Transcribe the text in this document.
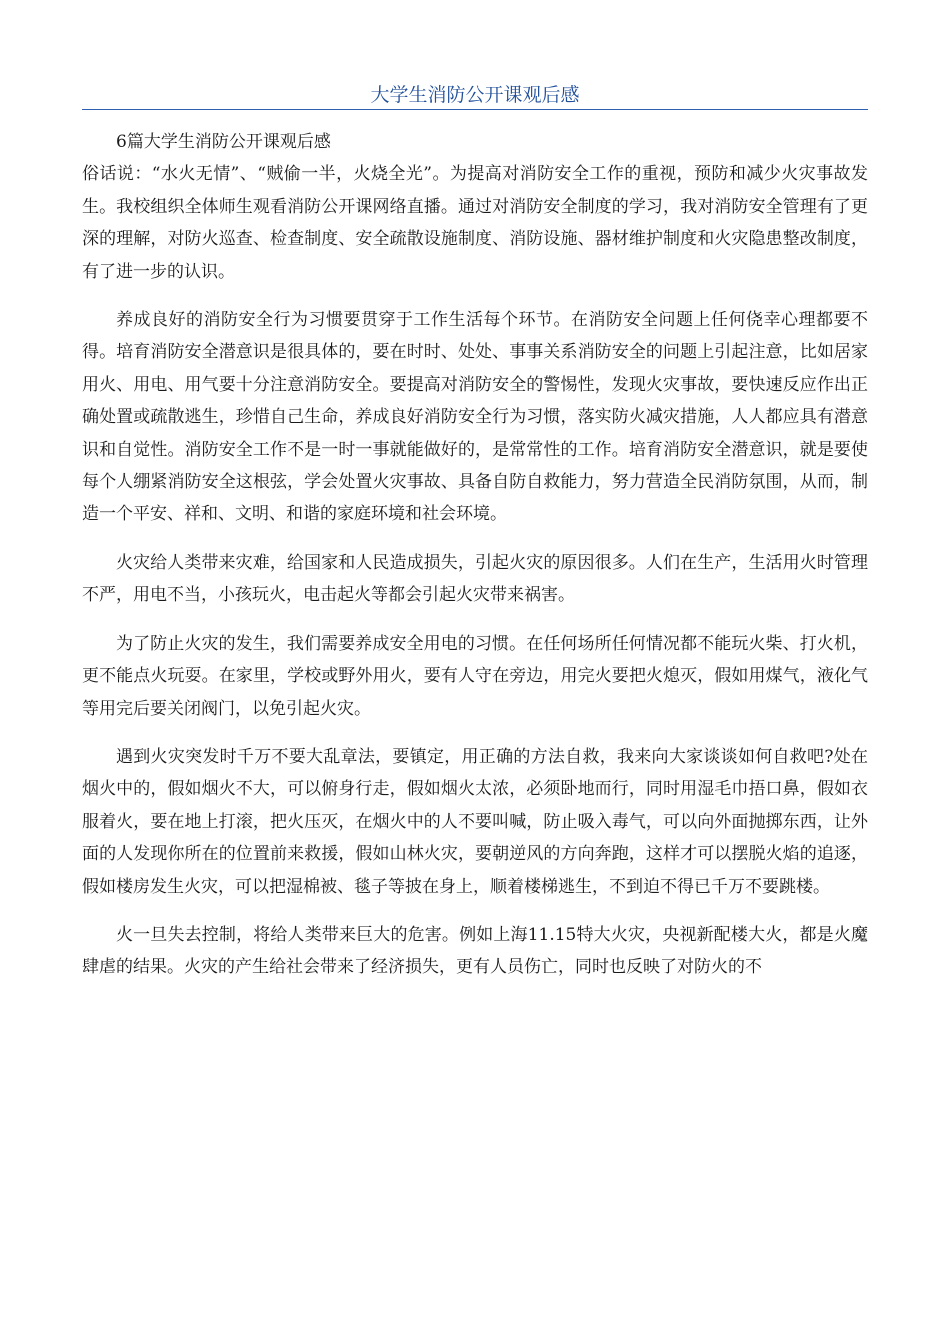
大学生消防公开课观后感

6篇大学生消防公开课观后感

俗话说：“水火无情”、“贼偷一半，火烧全光”。为提高对消防安全工作的重视，预防和减少火灾事故发生。我校组织全体师生观看消防公开课网络直播。通过对消防安全制度的学习，我对消防安全管理有了更深的理解，对防火巡查、检查制度、安全疏散设施制度、消防设施、器材维护制度和火灾隐患整改制度，有了进一步的认识。

养成良好的消防安全行为习惯要贯穿于工作生活每个环节。在消防安全问题上任何侥幸心理都要不得。培育消防安全潜意识是很具体的，要在时时、处处、事事关系消防安全的问题上引起注意，比如居家用火、用电、用气要十分注意消防安全。要提高对消防安全的警惕性，发现火灾事故，要快速反应作出正确处置或疏散逃生，珍惜自己生命，养成良好消防安全行为习惯，落实防火减灾措施，人人都应具有潜意识和自觉性。消防安全工作不是一时一事就能做好的，是常常性的工作。培育消防安全潜意识，就是要使每个人绷紧消防安全这根弦，学会处置火灾事故、具备自防自救能力，努力营造全民消防氛围，从而，制造一个平安、祥和、文明、和谐的家庭环境和社会环境。

火灾给人类带来灾难，给国家和人民造成损失，引起火灾的原因很多。人们在生产，生活用火时管理不严，用电不当，小孩玩火，电击起火等都会引起火灾带来祸害。

为了防止火灾的发生，我们需要养成安全用电的习惯。在任何场所任何情况都不能玩火柴、打火机，更不能点火玩耍。在家里，学校或野外用火，要有人守在旁边，用完火要把火熄灭，假如用煤气，液化气等用完后要关闭阀门，以免引起火灾。

遇到火灾突发时千万不要大乱章法，要镇定，用正确的方法自救，我来向大家谈谈如何自救吧?处在烟火中的，假如烟火不大，可以俯身行走，假如烟火太浓，必须卧地而行，同时用湿毛巾捂口鼻，假如衣服着火，要在地上打滚，把火压灭，在烟火中的人不要叫喊，防止吸入毒气，可以向外面抛掷东西，让外面的人发现你所在的位置前来救援，假如山林火灾，要朝逆风的方向奔跑，这样才可以摆脱火焰的追逐，假如楼房发生火灾，可以把湿棉被、毯子等披在身上，顺着楼梯逃生，不到迫不得已千万不要跳楼。

火一旦失去控制，将给人类带来巨大的危害。例如上海11.15特大火灾，央视新配楼大火，都是火魔肆虐的结果。火灾的产生给社会带来了经济损失，更有人员伤亡，同时也反映了对防火的不
